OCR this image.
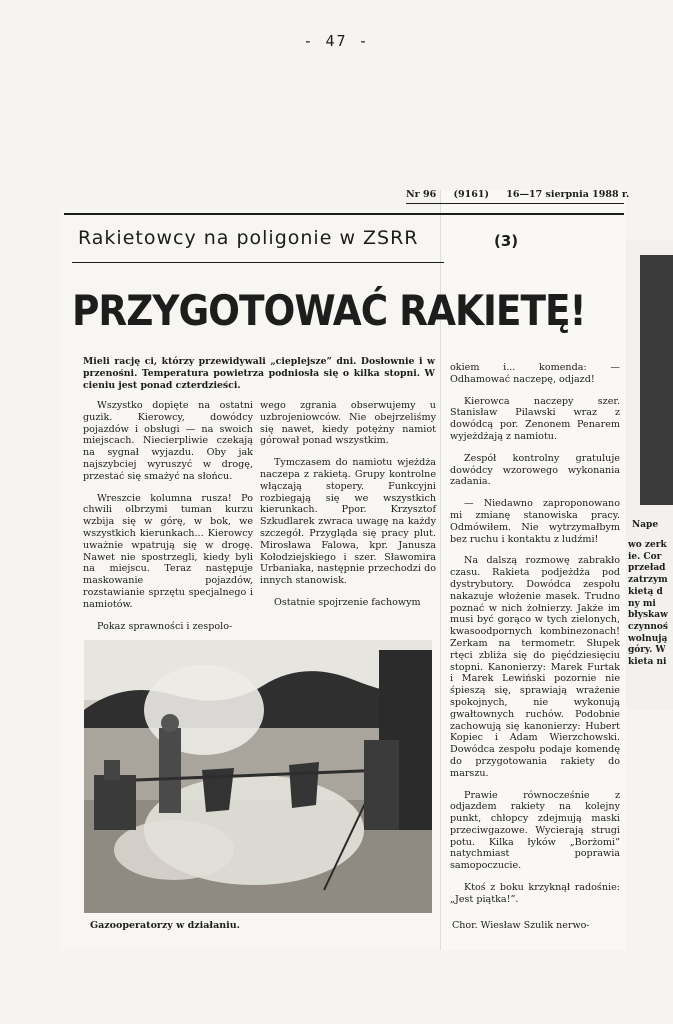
- 47 -
Nape
wo zerk
ie. Cor
przeład
zatrzym
kietą d
ny mi
błyskaw
czynnoś
wolnują
góry. W
kieta ni
Nr 96 (9161) 16—17 sierpnia 1988 r.
Rakietowcy na poligonie w ZSRR	(3)
PRZYGOTOWAĆ RAKIETĘ!
Mieli rację ci, którzy przewidywali „cieplejsze” dni. Dosłownie i w przenośni. Temperatura powietrza podniosła się o kilka stopni. W cieniu jest ponad czterdzieści.

Wszystko dopięte na ostatni guzik. Kierowcy, dowódcy pojazdów i obsługi — na swoich miejscach. Niecierpliwie czekają na sygnał wyjazdu. Oby jak najszybciej wyruszyć w drogę, przestać się smażyć na słońcu.

Wreszcie kolumna rusza! Po chwili olbrzymi tuman kurzu wzbija się w górę, w bok, we wszystkich kierunkach... Kierowcy uważnie wpatrują się w drogę. Nawet nie spostrzegli, kiedy byli na miejscu. Teraz następuje maskowanie pojazdów, rozstawianie sprzętu specjalnego i namiotów.

Pokaz sprawności i zespolo-

wego zgrania obserwujemy u uzbrojeniowców. Nie obejrzeliśmy się nawet, kiedy potężny namiot górował ponad wszystkim.

Tymczasem do namiotu wjeżdża naczepa z rakietą. Grupy kontrolne włączają stopery. Funkcyjni rozbiegają się we wszystkich kierunkach. Ppor. Krzysztof Szkudlarek zwraca uwagę na każdy szczegół. Przygląda się pracy plut. Mirosława Falowa, kpr. Janusza Kołodziejskiego i szer. Sławomira Urbaniaka, następnie przechodzi do innych stanowisk.

Ostatnie spojrzenie fachowym

okiem i... komenda: — Odhamować naczepę, odjazd!

Kierowca naczepy szer. Stanisław Pilawski wraz z dowódcą por. Zenonem Penarem wyjeżdżają z namiotu.

Zespół kontrolny gratuluje dowódcy wzorowego wykonania zadania.

— Niedawno zaproponowano mi zmianę stanowiska pracy. Odmówiłem. Nie wytrzymałbym bez ruchu i kontaktu z ludźmi!

Na dalszą rozmowę zabrakło czasu. Rakieta podjeżdża pod dystrybutory. Dowódca zespołu nakazuje włożenie masek. Trudno poznać w nich żołnierzy. Jakże im musi być gorąco w tych zielonych, kwasoodpornych kombinezonach! Zerkam na termometr. Słupek rtęci zbliża się do pięćdziesięciu stopni. Kanonierzy: Marek Furtak i Marek Lewiński pozornie nie śpieszą się, sprawiają wrażenie spokojnych, nie wykonują gwałtownych ruchów. Podobnie zachowują się kanonierzy: Hubert Kopiec i Adam Wierzchowski. Dowódca zespołu podaje komendę do przygotowania rakiety do marszu.

Prawie równocześnie z odjazdem rakiety na kolejny punkt, chłopcy zdejmują maski przeciwgazowe. Wycierają strugi potu. Kilka łyków „Borżomi” natychmiast poprawia samopoczucie.

Ktoś z boku krzyknął radośnie: „Jest piątka!”.

Gazooperatorzy w działaniu.	Chor. Wiesław Szulik nerwo-
